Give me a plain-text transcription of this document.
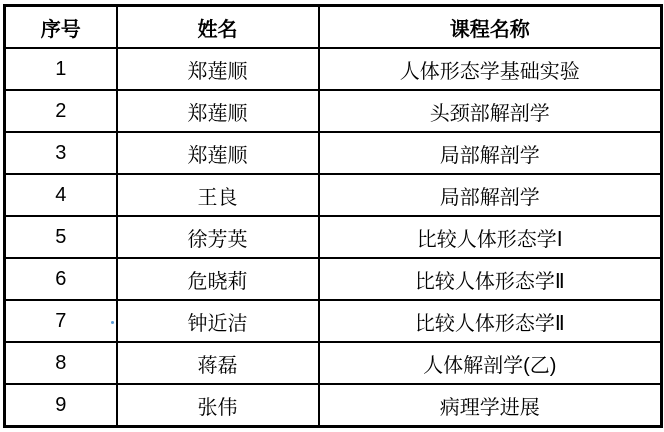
序号	姓名	课程名称
1	郑莲顺	人体形态学基础实验
2	郑莲顺	头颈部解剖学
3	郑莲顺	局部解剖学
4	王良	局部解剖学
5	徐芳英	比较人体形态学Ⅰ
6	危晓莉	比较人体形态学Ⅱ
7	钟近洁	比较人体形态学Ⅱ
8	蒋磊	人体解剖学(乙)
9	张伟	病理学进展
